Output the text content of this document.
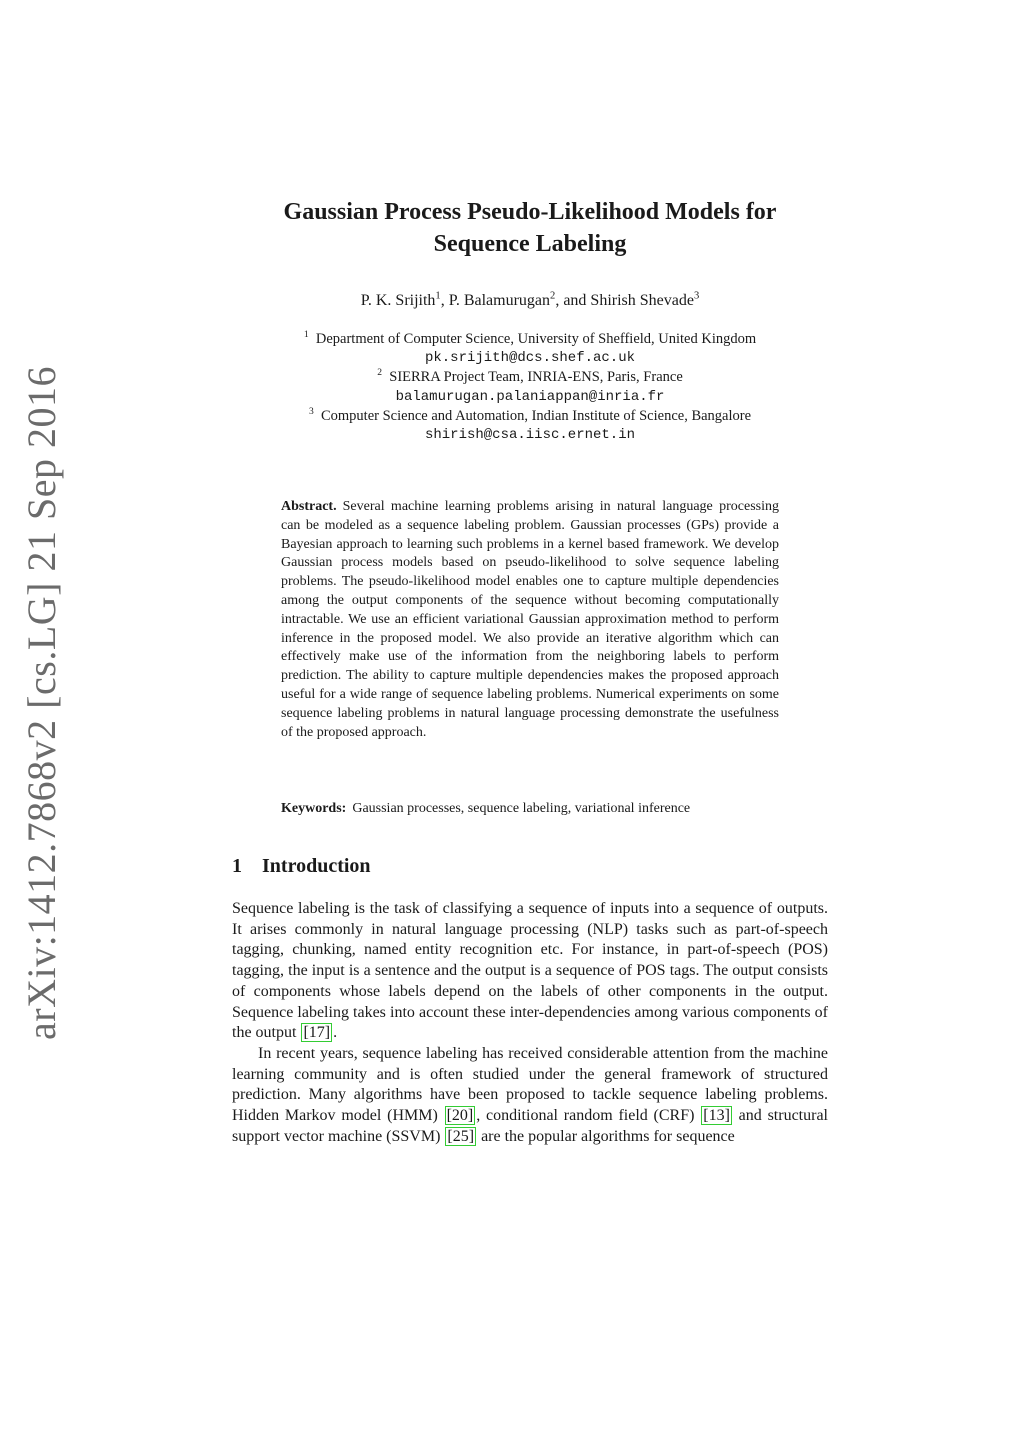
arXiv:1412.7868v2 [cs.LG] 21 Sep 2016
Gaussian Process Pseudo-Likelihood Models for
Sequence Labeling
P. K. Srijith$^1$, P. Balamurugan$^2$, and Shirish Shevade$^3$
$^1$ Department of Computer Science, University of Sheffield, United Kingdom
pk.srijith@dcs.shef.ac.uk
$^2$ SIERRA Project Team, INRIA-ENS, Paris, France
balamurugan.palaniappan@inria.fr
$^3$ Computer Science and Automation, Indian Institute of Science, Bangalore
shirish@csa.iisc.ernet.in
Abstract. Several machine learning problems arising in natural language processing can be modeled as a sequence labeling problem. Gaussian processes (GPs) provide a Bayesian approach to learning such problems in a kernel based framework. We develop Gaussian process models based on pseudo-likelihood to solve sequence labeling problems. The pseudo-likelihood model enables one to capture multiple dependencies among the output components of the sequence without becoming computationally intractable. We use an efficient variational Gaussian approximation method to perform inference in the proposed model. We also provide an iterative algorithm which can effectively make use of the information from the neighboring labels to perform prediction. The ability to capture multiple dependencies makes the proposed approach useful for a wide range of sequence labeling problems. Numerical experiments on some sequence labeling problems in natural language processing demonstrate the usefulness of the proposed approach.
Keywords: Gaussian processes, sequence labeling, variational inference
1 Introduction

Sequence labeling is the task of classifying a sequence of inputs into a sequence of outputs. It arises commonly in natural language processing (NLP) tasks such as part-of-speech tagging, chunking, named entity recognition etc. For instance, in part-of-speech (POS) tagging, the input is a sentence and the output is a sequence of POS tags. The output consists of components whose labels depend on the labels of other components in the output. Sequence labeling takes into account these inter-dependencies among various components of the output [17] .

In recent years, sequence labeling has received considerable attention from the machine learning community and is often studied under the general framework of structured prediction. Many algorithms have been proposed to tackle sequence labeling problems. Hidden Markov model (HMM) [20] , conditional random field (CRF) [13] and structural support vector machine (SSVM) [25] are the popular algorithms for sequence
